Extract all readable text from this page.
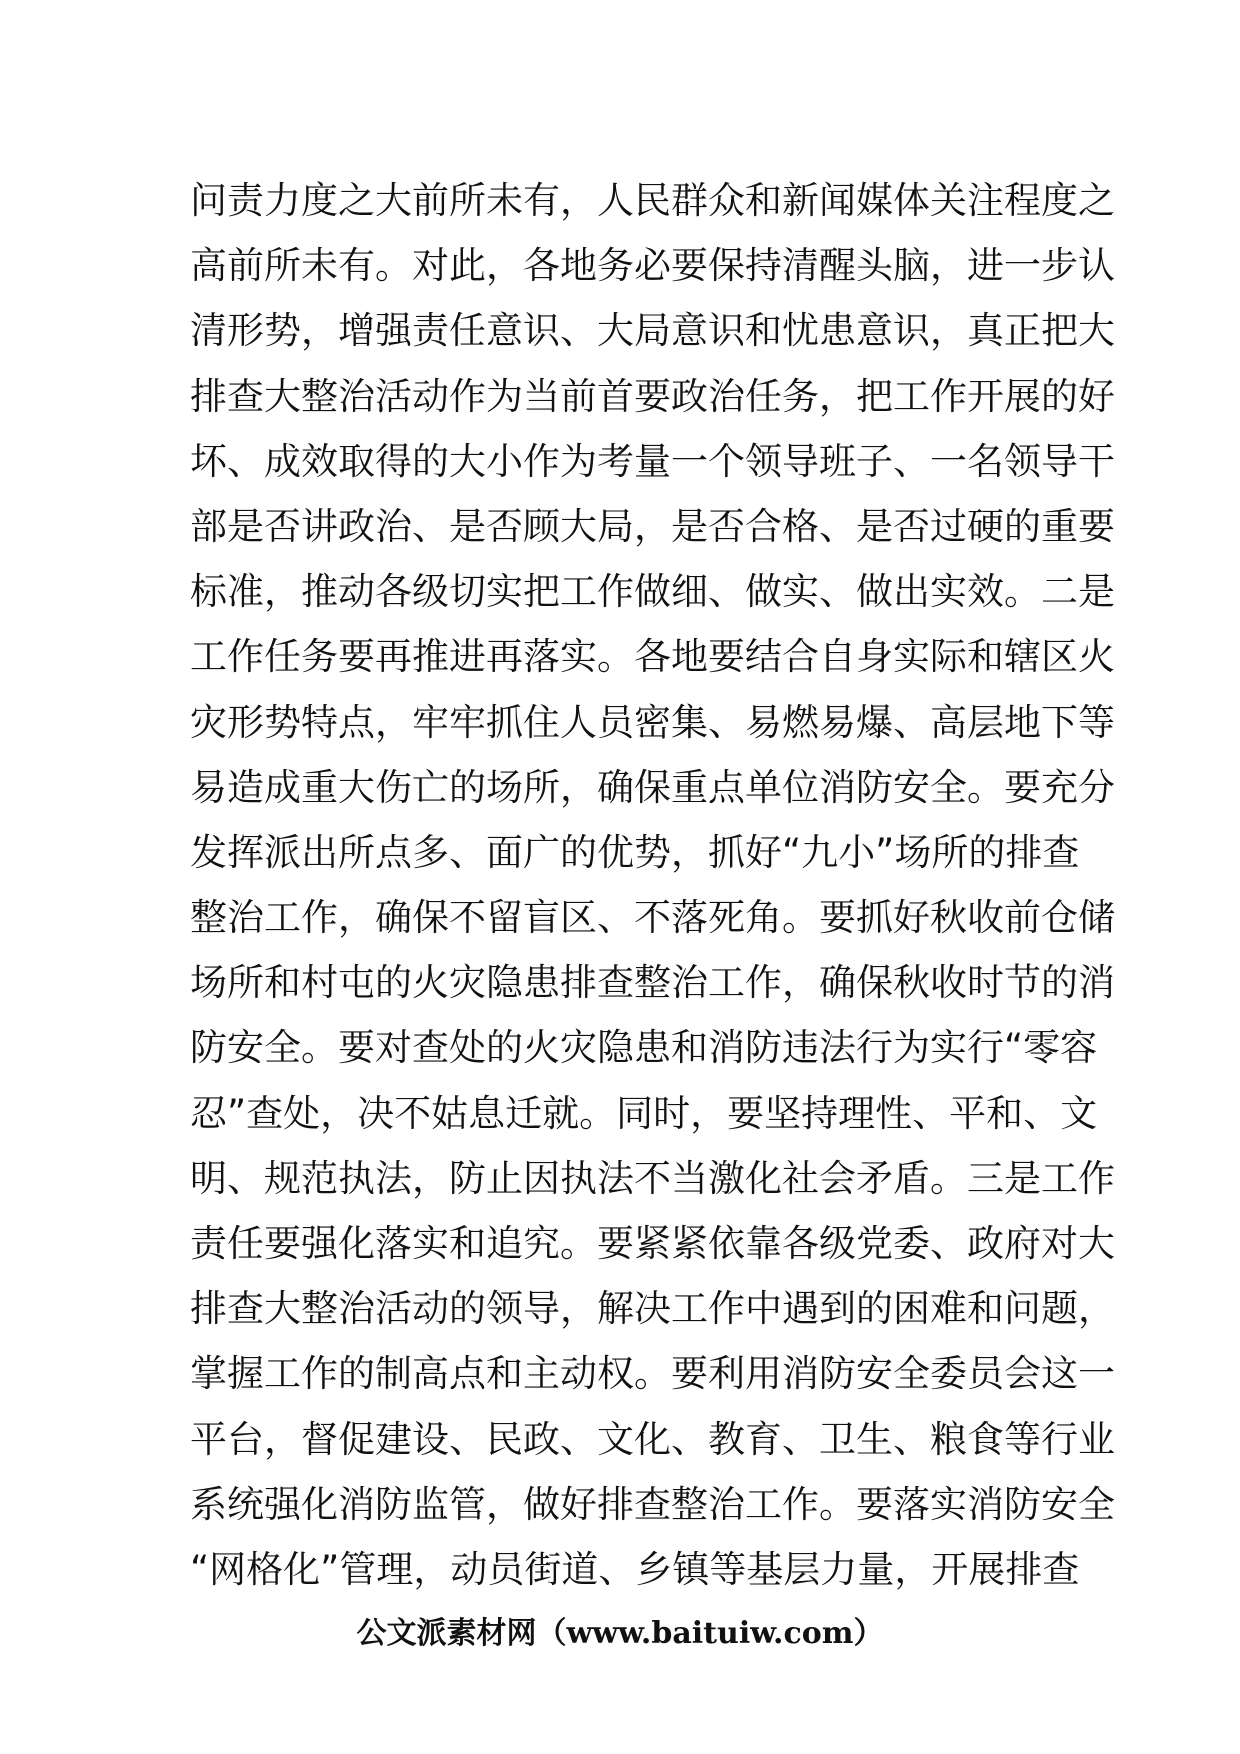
问责力度之大前所未有，人民群众和新闻媒体关注程度之
高前所未有。对此，各地务必要保持清醒头脑，进一步认
清形势，增强责任意识、大局意识和忧患意识，真正把大
排查大整治活动作为当前首要政治任务，把工作开展的好
坏、成效取得的大小作为考量一个领导班子、一名领导干
部是否讲政治、是否顾大局，是否合格、是否过硬的重要
标准，推动各级切实把工作做细、做实、做出实效。二是
工作任务要再推进再落实。各地要结合自身实际和辖区火
灾形势特点，牢牢抓住人员密集、易燃易爆、高层地下等
易造成重大伤亡的场所，确保重点单位消防安全。要充分
发挥派出所点多、面广的优势，抓好“九小”场所的排查
整治工作，确保不留盲区、不落死角。要抓好秋收前仓储
场所和村屯的火灾隐患排查整治工作，确保秋收时节的消
防安全。要对查处的火灾隐患和消防违法行为实行“零容
忍”查处，决不姑息迁就。同时，要坚持理性、平和、文
明、规范执法，防止因执法不当激化社会矛盾。三是工作
责任要强化落实和追究。要紧紧依靠各级党委、政府对大
排查大整治活动的领导，解决工作中遇到的困难和问题，
掌握工作的制高点和主动权。要利用消防安全委员会这一
平台，督促建设、民政、文化、教育、卫生、粮食等行业
系统强化消防监管，做好排查整治工作。要落实消防安全
“网格化”管理，动员街道、乡镇等基层力量，开展排查
公文派素材网（www.baituiw.com）
